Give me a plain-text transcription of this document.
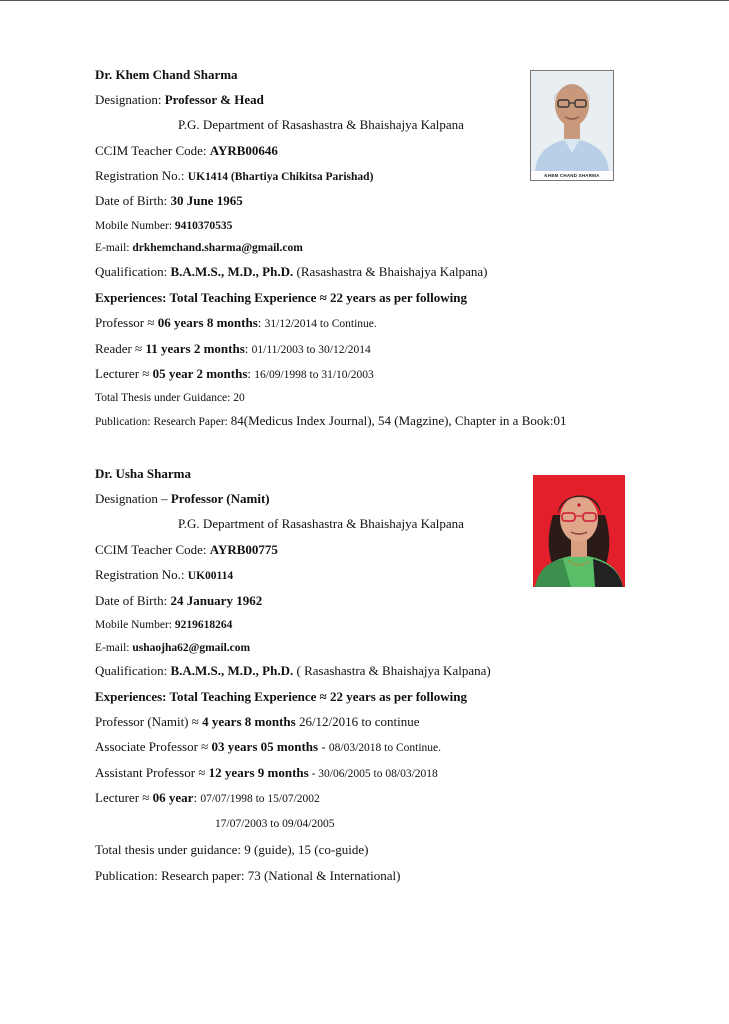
Dr. Khem Chand Sharma
Designation: Professor & Head
P.G. Department of Rasashastra & Bhaishajya Kalpana
CCIM Teacher Code: AYRB00646
Registration No.: UK1414 (Bhartiya Chikitsa Parishad)
Date of Birth: 30 June 1965
Mobile Number: 9410370535
E-mail: drkhemchand.sharma@gmail.com
Qualification: B.A.M.S., M.D., Ph.D. (Rasashastra & Bhaishajya Kalpana)
Experiences: Total Teaching Experience ≈ 22 years as per following
Professor ≈ 06 years 8 months: 31/12/2014 to Continue.
Reader ≈ 11 years 2 months: 01/11/2003 to 30/12/2014
Lecturer ≈ 05 year 2 months: 16/09/1998 to 31/10/2003
Total Thesis under Guidance: 20
Publication: Research Paper: 84(Medicus Index Journal), 54 (Magzine), Chapter in a Book:01
KHEM CHAND SHARMA
Dr. Usha Sharma
Designation – Professor (Namit)
P.G. Department of Rasashastra & Bhaishajya Kalpana
CCIM Teacher Code: AYRB00775
Registration No.: UK00114
Date of Birth: 24 January 1962
Mobile Number: 9219618264
E-mail: ushaojha62@gmail.com
Qualification: B.A.M.S., M.D., Ph.D. ( Rasashastra & Bhaishajya Kalpana)
Experiences: Total Teaching Experience ≈ 22 years as per following
Professor (Namit) ≈ 4 years 8 months 26/12/2016 to continue
Associate Professor ≈ 03 years 05 months - 08/03/2018 to Continue.
Assistant Professor ≈ 12 years 9 months - 30/06/2005 to 08/03/2018
Lecturer ≈ 06 year: 07/07/1998 to 15/07/2002
17/07/2003 to 09/04/2005
Total thesis under guidance: 9 (guide), 15 (co-guide)
Publication: Research paper: 73 (National & International)
